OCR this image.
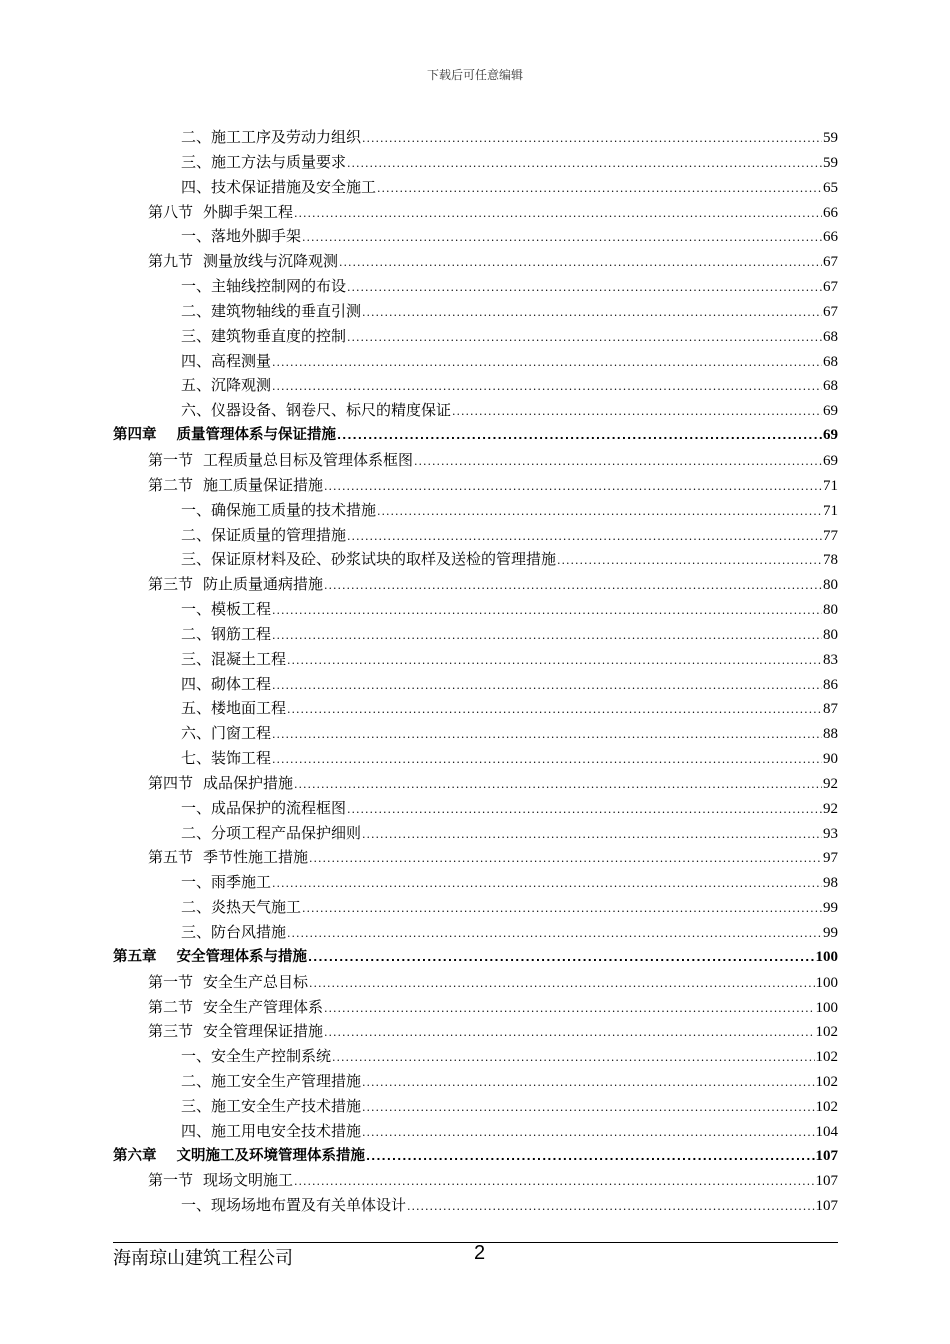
下载后可任意编辑
二、施工工序及劳动力组织 .....	59
三、施工方法与质量要求 .....	59
四、技术保证措施及安全施工 .....	65
第八节 外脚手架工程 .....	66
一、落地外脚手架 .....	66
第九节 测量放线与沉降观测 .....	67
一、主轴线控制网的布设 .....	67
二、建筑物轴线的垂直引测 .....	67
三、建筑物垂直度的控制 .....	68
四、高程测量 .....	68
五、沉降观测 .....	68
六、仪器设备、钢卷尺、标尺的精度保证 .....	69
第四章 质量管理体系与保证措施 .....	69
第一节 工程质量总目标及管理体系框图 .....	69
第二节 施工质量保证措施 .....	71
一、确保施工质量的技术措施 .....	71
二、保证质量的管理措施 .....	77
三、保证原材料及砼、砂浆试块的取样及送检的管理措施 .....	78
第三节 防止质量通病措施 .....	80
一、模板工程 .....	80
二、钢筋工程 .....	80
三、混凝土工程 .....	83
四、砌体工程 .....	86
五、楼地面工程 .....	87
六、门窗工程 .....	88
七、装饰工程 .....	90
第四节 成品保护措施 .....	92
一、成品保护的流程框图 .....	92
二、分项工程产品保护细则 .....	93
第五节 季节性施工措施 .....	97
一、雨季施工 .....	98
二、炎热天气施工 .....	99
三、防台风措施 .....	99
第五章 安全管理体系与措施 .....	100
第一节 安全生产总目标 .....	100
第二节 安全生产管理体系 .....	100
第三节 安全管理保证措施 .....	102
一、安全生产控制系统 .....	102
二、施工安全生产管理措施 .....	102
三、施工安全生产技术措施 .....	102
四、施工用电安全技术措施 .....	104
第六章 文明施工及环境管理体系措施 .....	107
第一节 现场文明施工 .....	107
一、现场场地布置及有关单体设计 .....	107
海南琼山建筑工程公司	2
